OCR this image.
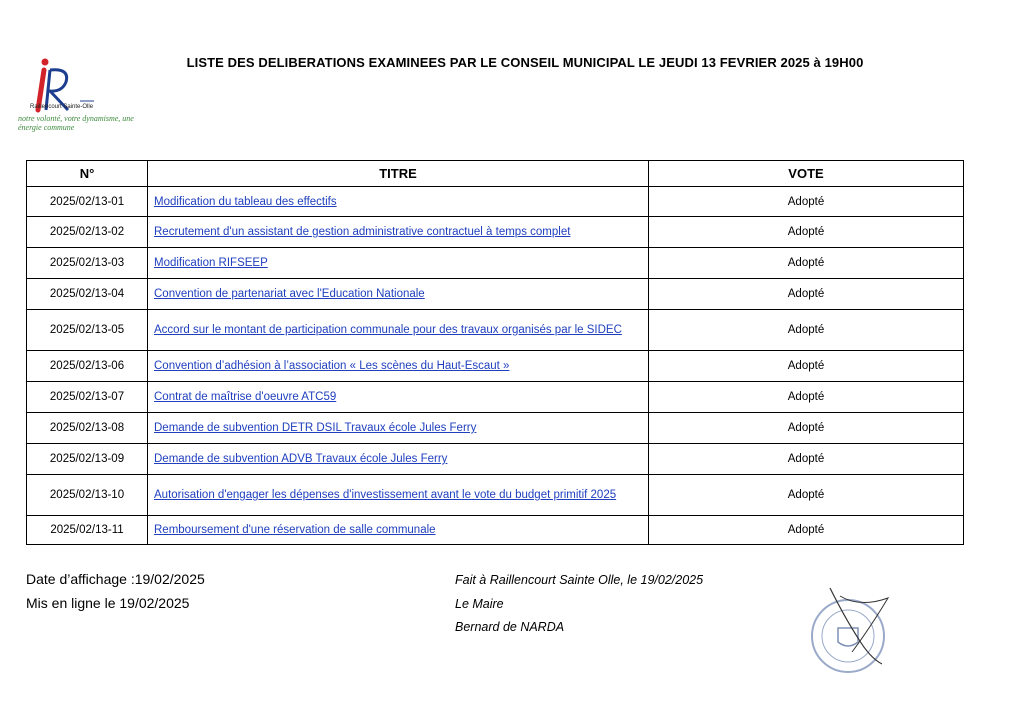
Raillencourt Sainte-Olle
notre volonté, votre dynamisme, une énergie commune
LISTE DES DELIBERATIONS EXAMINEES PAR LE CONSEIL MUNICIPAL LE JEUDI 13 FEVRIER 2025 à 19H00
N°	TITRE	VOTE
2025/02/13-01	Modification du tableau des effectifs	Adopté
2025/02/13-02	Recrutement d'un assistant de gestion administrative contractuel à temps complet	Adopté
2025/02/13-03	Modification RIFSEEP	Adopté
2025/02/13-04	Convention de partenariat avec l'Education Nationale	Adopté
2025/02/13-05	Accord sur le montant de participation communale pour des travaux organisés par le SIDEC	Adopté
2025/02/13-06	Convention d’adhésion à l’association « Les scènes du Haut-Escaut »	Adopté
2025/02/13-07	Contrat de maîtrise d'oeuvre ATC59	Adopté
2025/02/13-08	Demande de subvention DETR DSIL Travaux école Jules Ferry	Adopté
2025/02/13-09	Demande de subvention ADVB Travaux école Jules Ferry	Adopté
2025/02/13-10	Autorisation d'engager les dépenses d'investissement avant le vote du budget primitif 2025	Adopté
2025/02/13-11	Remboursement d'une réservation de salle communale	Adopté
Date d’affichage :19/02/2025
Mis en ligne le 19/02/2025
Fait à Raillencourt Sainte Olle, le 19/02/2025
Le Maire
Bernard de NARDA
